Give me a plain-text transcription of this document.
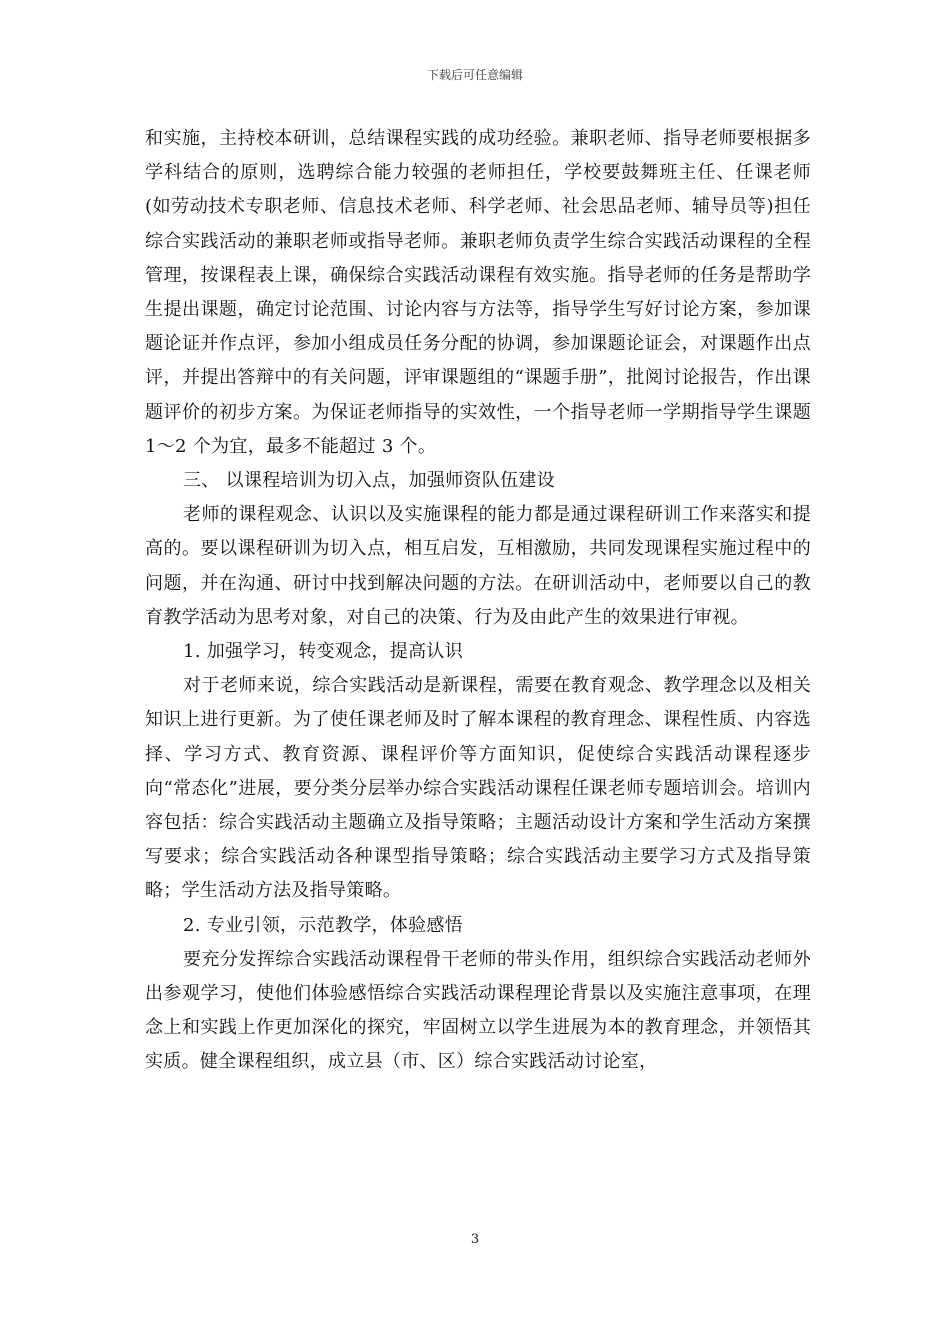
下载后可任意编辑

和实施，主持校本研训，总结课程实践的成功经验。兼职老师、指导老师要根据多学科结合的原则，选聘综合能力较强的老师担任，学校要鼓舞班主任、任课老师(如劳动技术专职老师、信息技术老师、科学老师、社会思品老师、辅导员等)担任综合实践活动的兼职老师或指导老师。兼职老师负责学生综合实践活动课程的全程管理，按课程表上课，确保综合实践活动课程有效实施。指导老师的任务是帮助学生提出课题，确定讨论范围、讨论内容与方法等，指导学生写好讨论方案，参加课题论证并作点评，参加小组成员任务分配的协调，参加课题论证会，对课题作出点评，并提出答辩中的有关问题，评审课题组的“课题手册”，批阅讨论报告，作出课题评价的初步方案。为保证老师指导的实效性，一个指导老师一学期指导学生课题 1～2 个为宜，最多不能超过 3 个。

三、 以课程培训为切入点，加强师资队伍建设

老师的课程观念、认识以及实施课程的能力都是通过课程研训工作来落实和提高的。要以课程研训为切入点，相互启发，互相激励，共同发现课程实施过程中的问题，并在沟通、研讨中找到解决问题的方法。在研训活动中，老师要以自己的教育教学活动为思考对象，对自己的决策、行为及由此产生的效果进行审视。

1. 加强学习，转变观念，提高认识

对于老师来说，综合实践活动是新课程，需要在教育观念、教学理念以及相关知识上进行更新。为了使任课老师及时了解本课程的教育理念、课程性质、内容选择、学习方式、教育资源、课程评价等方面知识，促使综合实践活动课程逐步向“常态化”进展，要分类分层举办综合实践活动课程任课老师专题培训会。培训内容包括：综合实践活动主题确立及指导策略；主题活动设计方案和学生活动方案撰写要求；综合实践活动各种课型指导策略；综合实践活动主要学习方式及指导策略；学生活动方法及指导策略。

2. 专业引领，示范教学，体验感悟

要充分发挥综合实践活动课程骨干老师的带头作用，组织综合实践活动老师外出参观学习，使他们体验感悟综合实践活动课程理论背景以及实施注意事项，在理念上和实践上作更加深化的探究，牢固树立以学生进展为本的教育理念，并领悟其实质。健全课程组织，成立县（市、区）综合实践活动讨论室，

3
